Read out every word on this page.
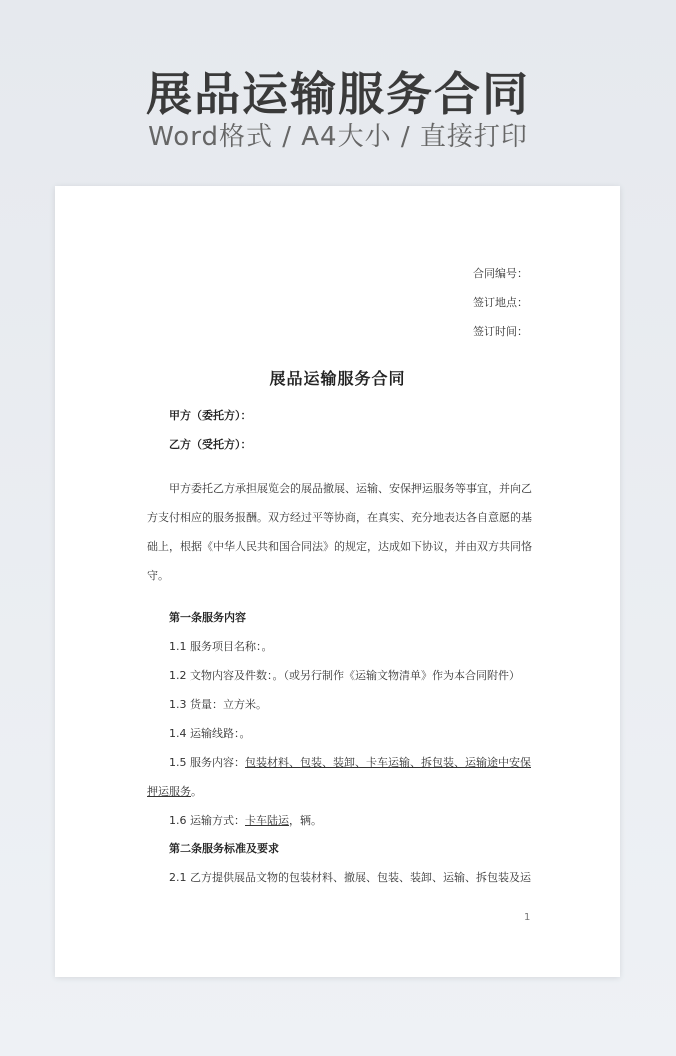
展品运输服务合同
Word格式 / A4大小 / 直接打印
合同编号：
签订地点：
签订时间：
展品运输服务合同
甲方（委托方）：
乙方（受托方）：
甲方委托乙方承担展览会的展品撤展、运输、安保押运服务等事宜，并向乙
方支付相应的服务报酬。双方经过平等协商，在真实、充分地表达各自意愿的基
础上，根据《中华人民共和国合同法》的规定，达成如下协议，并由双方共同恪
守。
第一条服务内容
1.1 服务项目名称：。
1.2 文物内容及件数：。（或另行制作《运输文物清单》作为本合同附件）
1.3 货量：立方米。
1.4 运输线路：。
1.5 服务内容：包装材料、包装、装卸、卡车运输、拆包装、运输途中安保
押运服务。
1.6 运输方式：卡车陆运，辆。
第二条服务标准及要求
2.1 乙方提供展品文物的包装材料、撤展、包装、装卸、运输、拆包装及运
1
